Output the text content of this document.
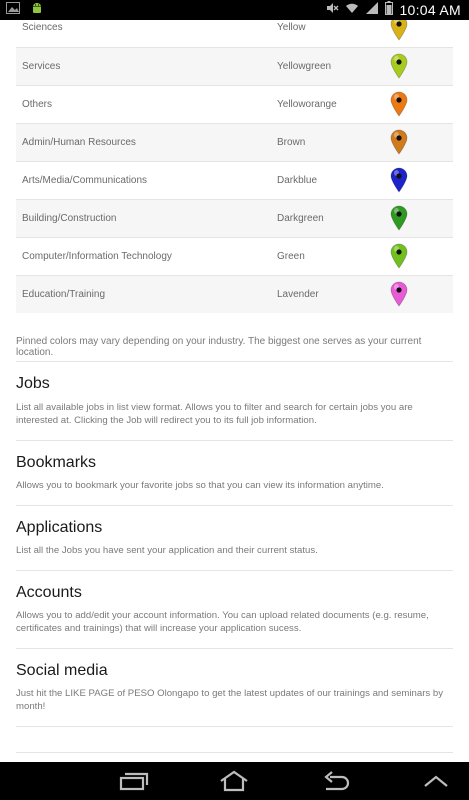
10:04 AM
Sciences	Yellow	

Services	Yellowgreen	

Others	Yelloworange	

Admin/Human Resources	Brown	

Arts/Media/Communications	Darkblue	

Building/Construction	Darkgreen	

Computer/Information Technology	Green	

Education/Training	Lavender	
Pinned colors may vary depending on your industry. The biggest one serves as your current location.
Jobs
List all available jobs in list view format. Allows you to filter and search for certain jobs you are interested at. Clicking the Job will redirect you to its full job information.
Bookmarks
Allows you to bookmark your favorite jobs so that you can view its information anytime.
Applications
List all the Jobs you have sent your application and their current status.
Accounts
Allows you to add/edit your account information. You can upload related documents (e.g. resume, certificates and trainings) that will increase your application sucess.
Social media
Just hit the LIKE PAGE of PESO Olongapo to get the latest updates of our trainings and seminars by month!
